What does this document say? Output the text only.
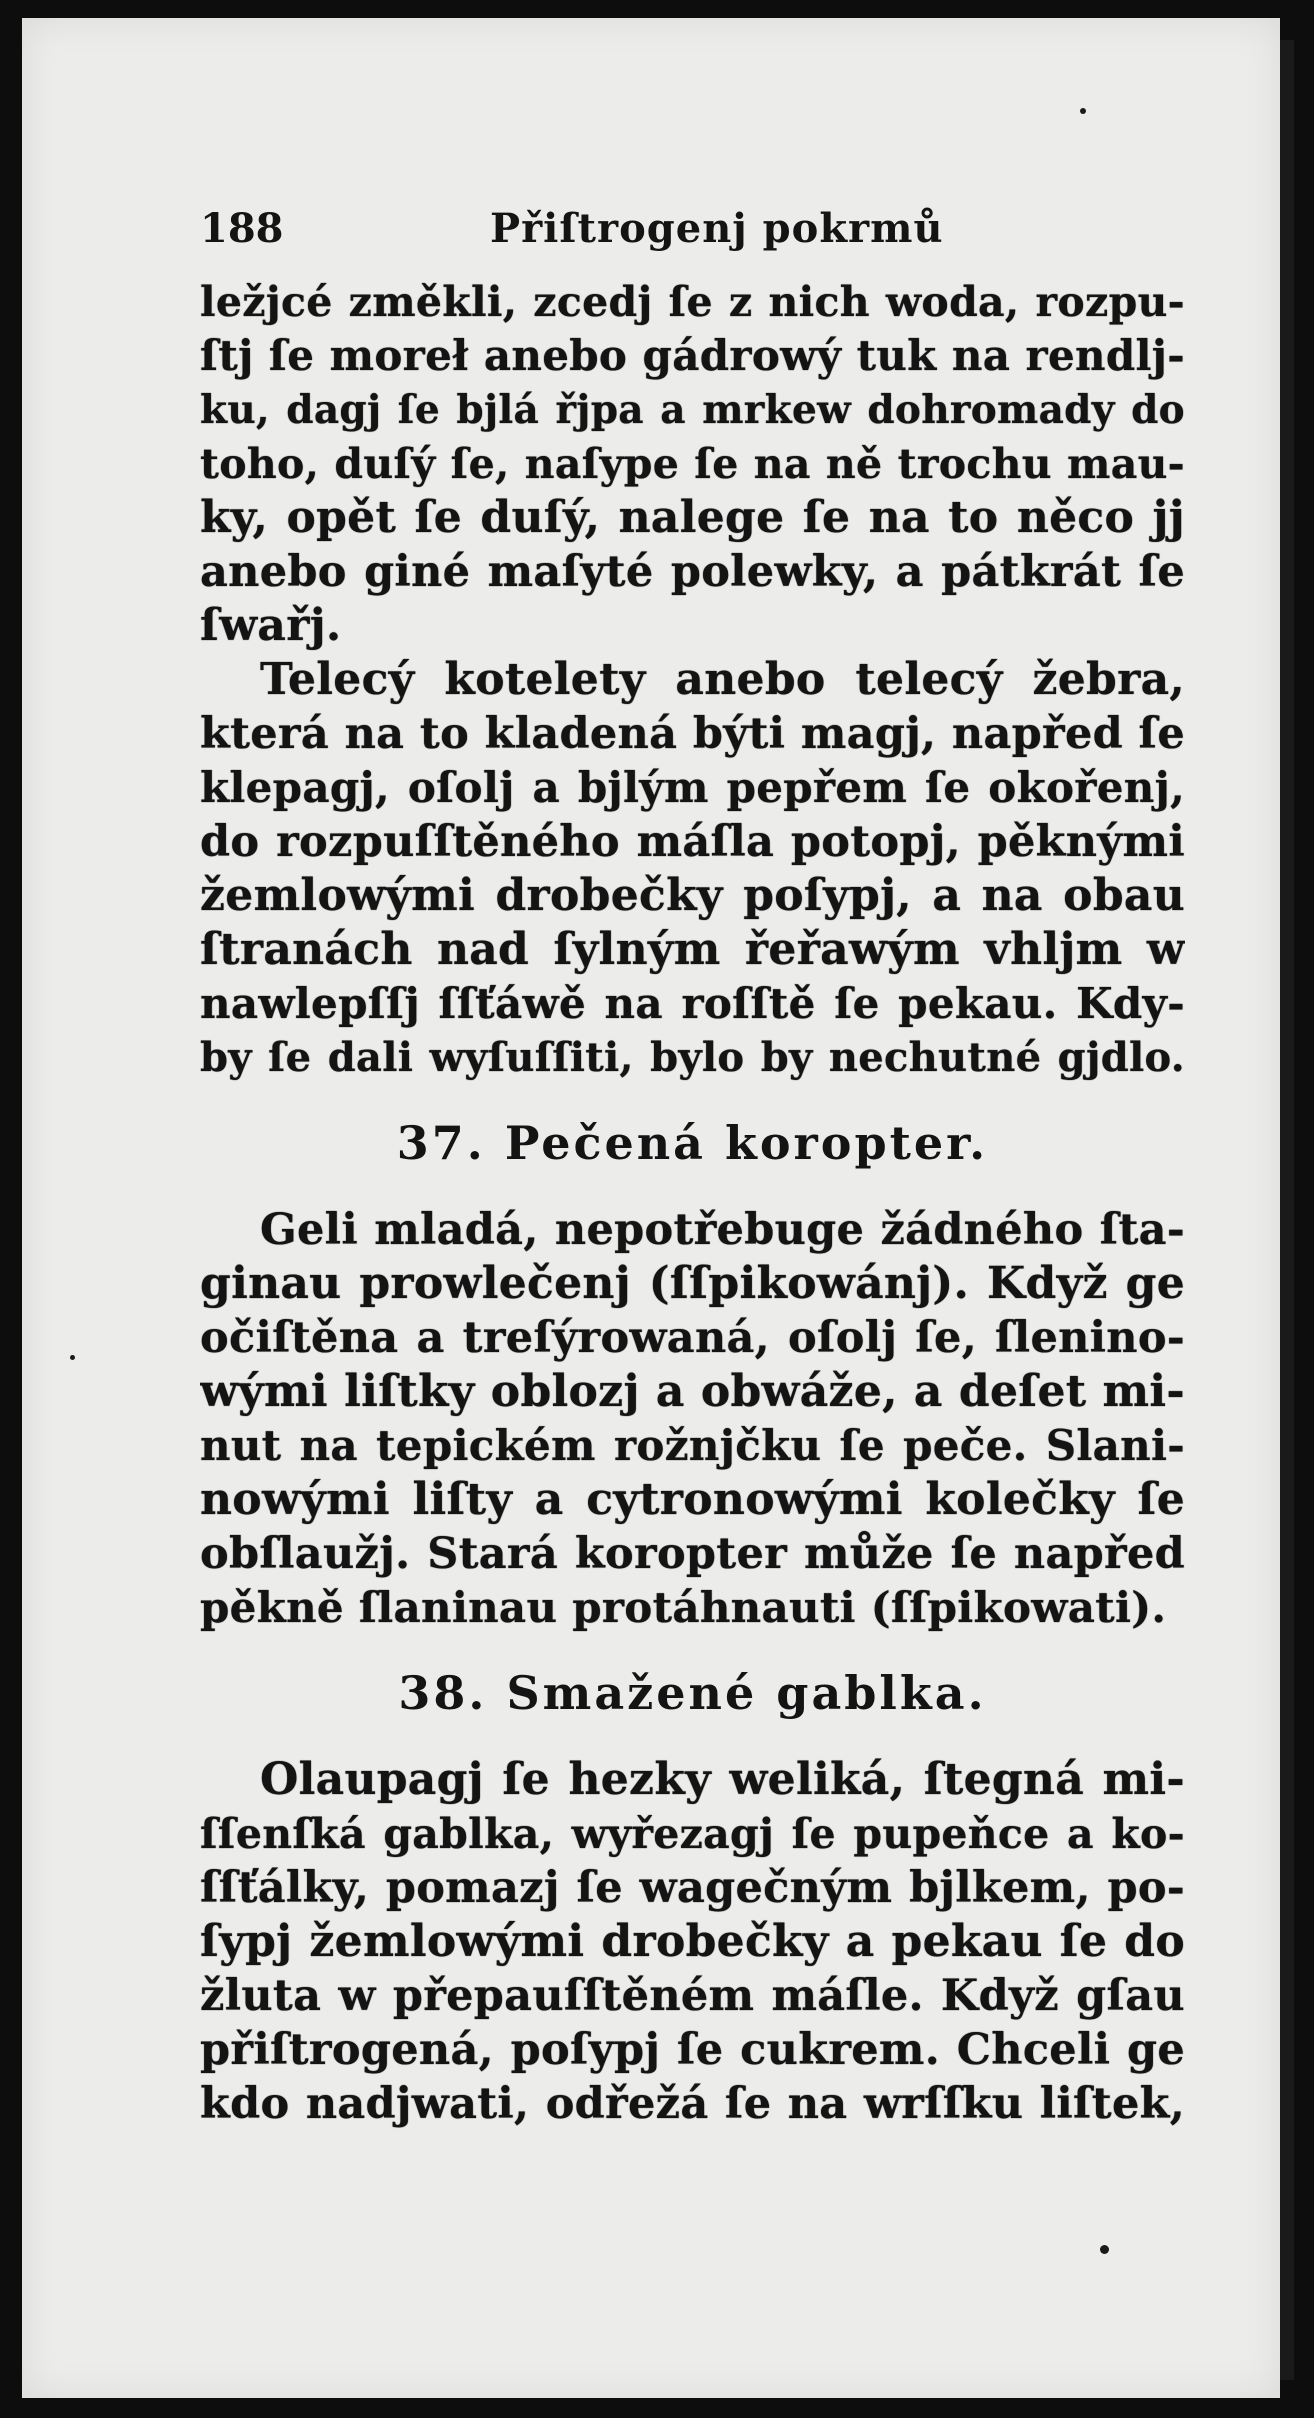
188	Přiſtrogenj pokrmů
ležjcé změkli, zcedj ſe z nich woda, rozpu-
ſtj ſe moreł anebo gádrowý tuk na rendlj-
ku, dagj ſe bjlá řjpa a mrkew dohromady do
toho, duſý ſe, naſype ſe na ně trochu mau-
ky, opět ſe duſý, nalege ſe na to něco jj
anebo giné maſyté polewky, a pátkrát ſe
ſwařj.
Telecý kotelety anebo telecý žebra,
která na to kladená býti magj, napřed ſe
klepagj, oſolj a bjlým pepřem ſe okořenj,
do rozpuſſtěného máſla potopj, pěknými
žemlowými drobečky poſypj, a na obau
ſtranách nad ſylným řeřawým vhljm w
nawlepſſj ſſťáwě na roſſtě ſe pekau. Kdy-
by ſe dali wyſuſſiti, bylo by nechutné gjdlo.
37. Pečená koropter.
Geli mladá, nepotřebuge žádného ſta-
ginau prowlečenj (ſſpikowánj). Když ge
očiſtěna a treſýrowaná, oſolj ſe, ſlenino-
wými liſtky oblozj a obwáže, a deſet mi-
nut na tepickém rožnjčku ſe peče. Slani-
nowými liſty a cytronowými kolečky ſe
obſlaužj. Stará koropter může ſe napřed
pěkně ſlaninau protáhnauti (ſſpikowati).
38. Smažené gablka.
Olaupagj ſe hezky weliká, ſtegná mi-
ſſenſká gablka, wyřezagj ſe pupeňce a ko-
ſſťálky, pomazj ſe wagečným bjlkem, po-
ſypj žemlowými drobečky a pekau ſe do
žluta w přepauſſtěném máſle. Když gſau
přiſtrogená, poſypj ſe cukrem. Chceli ge
kdo nadjwati, odřežá ſe na wrſſku liſtek,
